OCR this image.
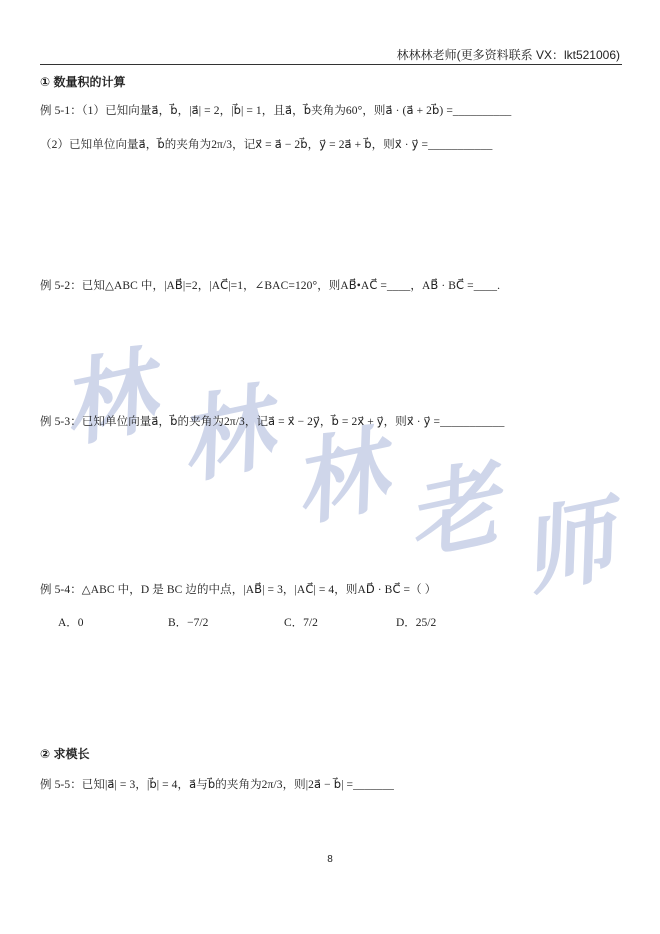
林 林 林 老 师
林林林老师(更多资料联系 VX：lkt521006)
① 数量积的计算
例 5-1：（1）已知向量a⃗，b⃗，|a⃗| = 2，|b⃗| = 1，且a⃗，b⃗夹角为60°，则a⃗ · (a⃗ + 2b⃗) =__________
（2）已知单位向量a⃗，b⃗的夹角为2π/3，记x⃗ = a⃗ − 2b⃗，y⃗ = 2a⃗ + b⃗，则x⃗ · y⃗ =___________
例 5-2：已知△ABC 中，|AB⃗|=2，|AC⃗|=1，∠BAC=120°，则AB⃗•AC⃗ =____，AB⃗ · BC⃗ =____.
例 5-3：已知单位向量a⃗，b⃗的夹角为2π/3，记a⃗ = x⃗ − 2y⃗，b⃗ = 2x⃗ + y⃗，则x⃗ · y⃗ =___________
例 5-4：△ABC 中，D 是 BC 边的中点，|AB⃗| = 3，|AC⃗| = 4，则AD⃗ · BC⃗ =（ ）
A．0	B．−7/2	C．7/2	D．25/2
② 求模长
例 5-5：已知|a⃗| = 3，|b⃗| = 4，a⃗与b⃗的夹角为2π/3，则|2a⃗ − b⃗| =_______
8
